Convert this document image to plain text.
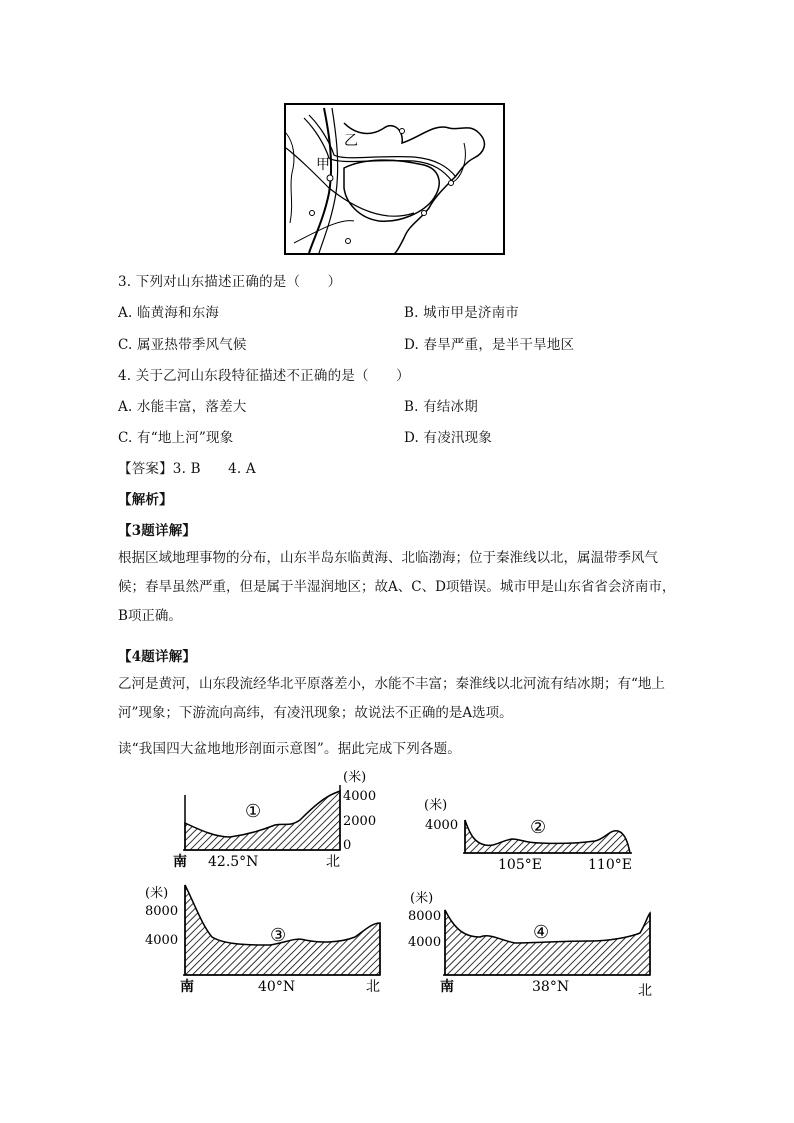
乙
甲
3. 下列对山东描述正确的是（　　）
A. 临黄海和东海	B. 城市甲是济南市
C. 属亚热带季风气候	D. 春旱严重，是半干旱地区
4. 关于乙河山东段特征描述不正确的是（　　）
A. 水能丰富，落差大	B. 有结冰期
C. 有“地上河”现象	D. 有凌汛现象
【答案】3. B　　4. A
【解析】
【3题详解】
根据区域地理事物的分布，山东半岛东临黄海、北临渤海；位于秦淮线以北，属温带季风气候；春旱虽然严重，但是属于半湿润地区；故A、C、D项错误。城市甲是山东省省会济南市，B项正确。
【4题详解】
乙河是黄河，山东段流经华北平原落差小，水能不丰富；秦淮线以北河流有结冰期；有“地上河”现象；下游流向高纬，有凌汛现象；故说法不正确的是A选项。
读“我国四大盆地地形剖面示意图”。据此完成下列各题。
①
(米)
4000
2000
0
南 42.5°N	北
②
(米)
4000
105°E	110°E
③
(米)
8000
4000
南	40°N	北
④
(米)
8000
4000
南	38°N	北
